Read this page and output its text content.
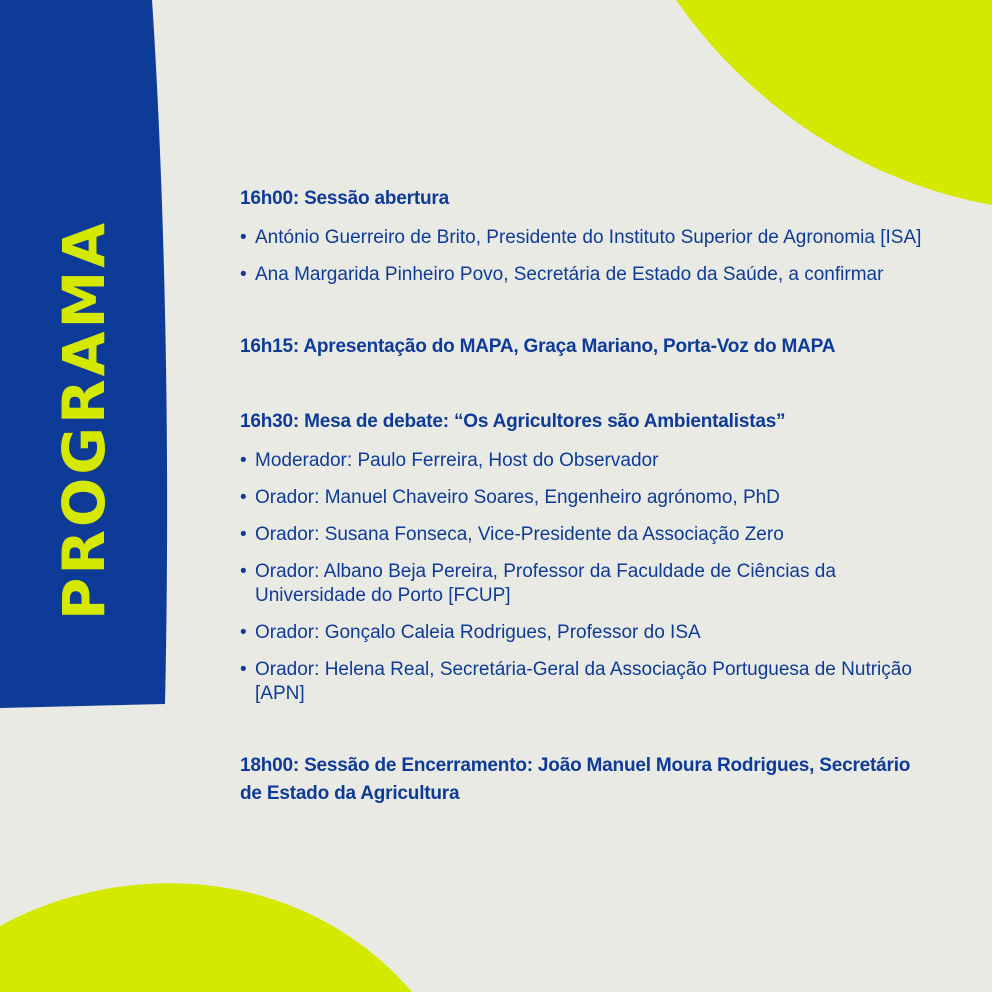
PROGRAMA
16h00: Sessão abertura
• António Guerreiro de Brito, Presidente do Instituto Superior de Agronomia [ISA]
• Ana Margarida Pinheiro Povo, Secretária de Estado da Saúde, a confirmar
16h15: Apresentação do MAPA, Graça Mariano, Porta-Voz do MAPA
16h30: Mesa de debate: “Os Agricultores são Ambientalistas”
• Moderador: Paulo Ferreira, Host do Observador
• Orador: Manuel Chaveiro Soares, Engenheiro agrónomo, PhD
• Orador: Susana Fonseca, Vice-Presidente da Associação Zero
• Orador: Albano Beja Pereira, Professor da Faculdade de Ciências da Universidade do Porto [FCUP]
• Orador: Gonçalo Caleia Rodrigues, Professor do ISA
• Orador: Helena Real, Secretária-Geral da Associação Portuguesa de Nutrição [APN]
18h00: Sessão de Encerramento: João Manuel Moura Rodrigues, Secretário de Estado da Agricultura
